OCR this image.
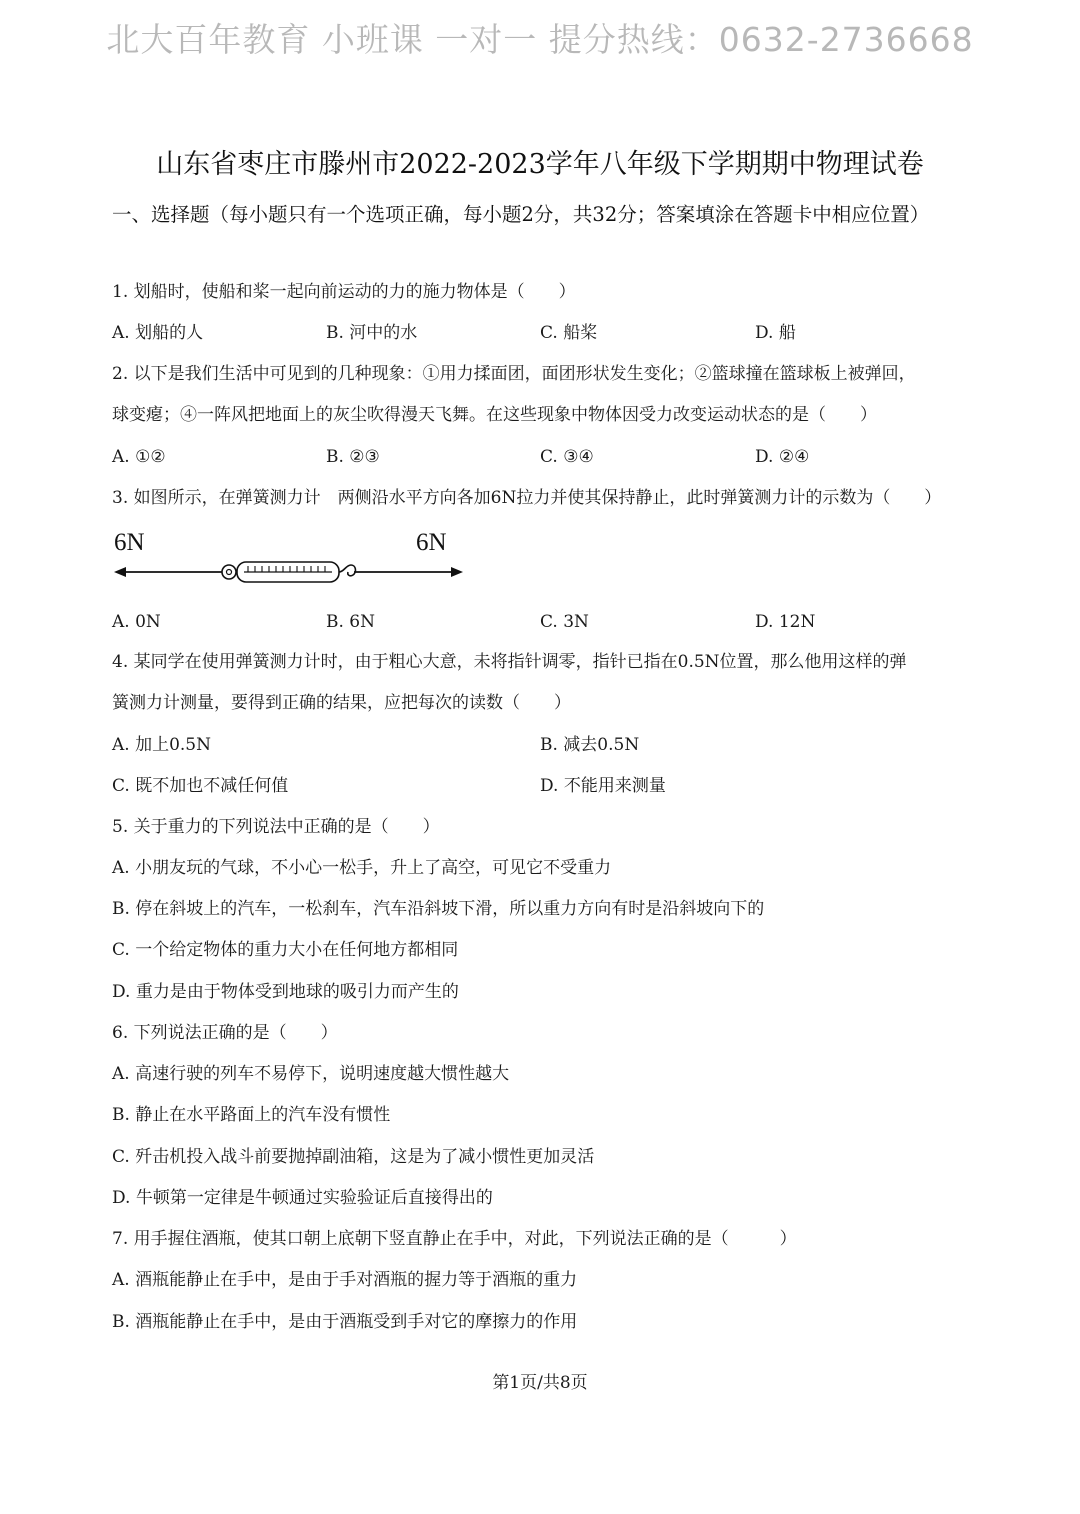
北大百年教育 小班课 一对一 提分热线：0632-2736668
山东省枣庄市滕州市2022-2023学年八年级下学期期中物理试卷
一、选择题（每小题只有一个选项正确，每小题2分，共32分；答案填涂在答题卡中相应位置）
1. 划船时，使船和桨一起向前运动的力的施力物体是（　　）
A. 划船的人	B. 河中的水	C. 船桨	D. 船
2. 以下是我们生活中可见到的几种现象：①用力揉面团，面团形状发生变化；②篮球撞在篮球板上被弹回，
球变瘪；④一阵风把地面上的灰尘吹得漫天飞舞。在这些现象中物体因受力改变运动状态的是（　　）
A. ①②	B. ②③	C. ③④	D. ②④
3. 如图所示，在弹簧测力计　两侧沿水平方向各加6N拉力并使其保持静止，此时弹簧测力计的示数为（　　）
6N	6N
A. 0N	B. 6N	C. 3N	D. 12N
4. 某同学在使用弹簧测力计时，由于粗心大意，未将指针调零，指针已指在0.5N位置，那么他用这样的弹
簧测力计测量，要得到正确的结果，应把每次的读数（　　）
A. 加上0.5N	B. 减去0.5N
C. 既不加也不减任何值	D. 不能用来测量
5. 关于重力的下列说法中正确的是（　　）
A. 小朋友玩的气球，不小心一松手，升上了高空，可见它不受重力
B. 停在斜坡上的汽车，一松刹车，汽车沿斜坡下滑，所以重力方向有时是沿斜坡向下的
C. 一个给定物体的重力大小在任何地方都相同
D. 重力是由于物体受到地球的吸引力而产生的
6. 下列说法正确的是（　　）
A. 高速行驶的列车不易停下，说明速度越大惯性越大
B. 静止在水平路面上的汽车没有惯性
C. 歼击机投入战斗前要抛掉副油箱，这是为了减小惯性更加灵活
D. 牛顿第一定律是牛顿通过实验验证后直接得出的
7. 用手握住酒瓶，使其口朝上底朝下竖直静止在手中，对此，下列说法正确的是（　　　）
A. 酒瓶能静止在手中，是由于手对酒瓶的握力等于酒瓶的重力
B. 酒瓶能静止在手中，是由于酒瓶受到手对它的摩擦力的作用
第1页/共8页
